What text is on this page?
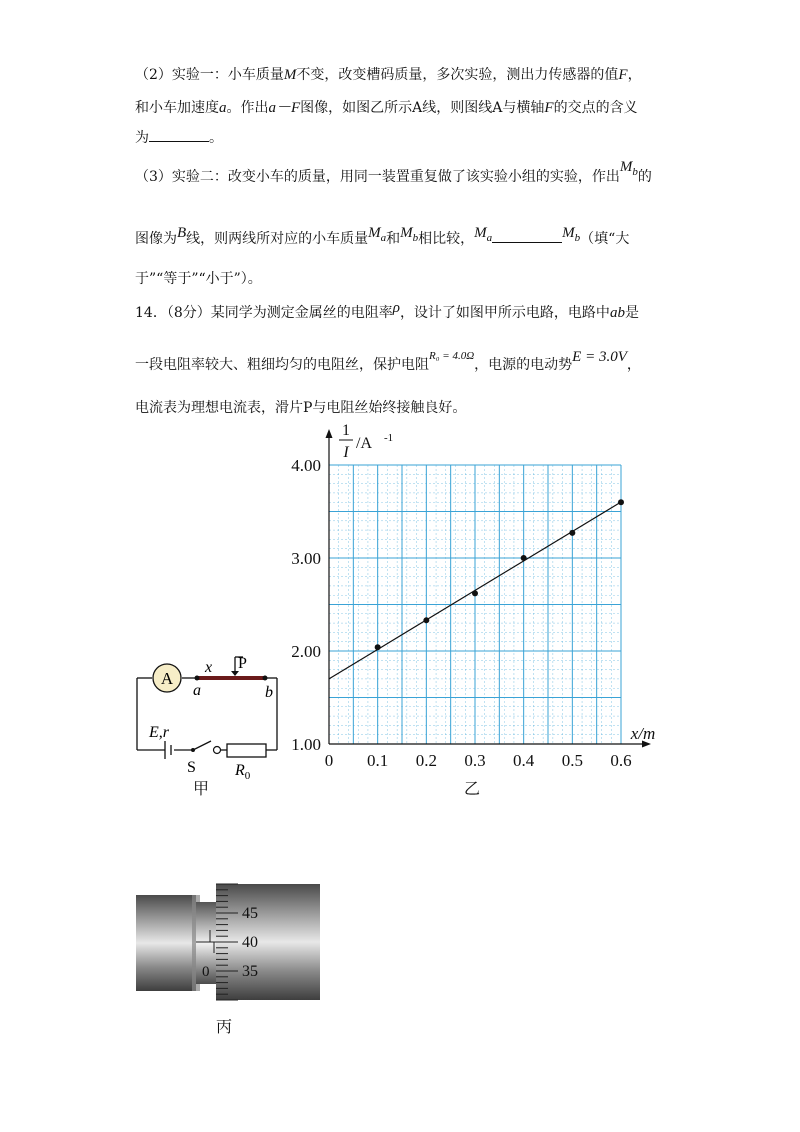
（2）实验一：小车质量M不变，改变槽码质量，多次实验，测出力传感器的值F，
和小车加速度a。作出a－F图像，如图乙所示A线，则图线A与横轴F的交点的含义
为	。
（3）实验二：改变小车的质量，用同一装置重复做了该实验小组的实验，作出$M_b$的
图像为B线，则两线所对应的小车质量$M_a$和$M_b$相比较，$M_a$	$M_b$（填“大
于”“等于”“小于”）。
14．（8分）某同学为测定金属丝的电阻率ρ，设计了如图甲所示电路，电路中ab是
一段电阻率较大、粗细均匀的电阻丝，保护电阻$^{R_0 = 4.0\Omega}$，电源的电动势E = 3.0V，
电流表为理想电流表，滑片P与电阻丝始终接触良好。
A
x P
a	b
E,r
S $R_0$
甲
0 0.1 0.2 0.3 0.4 0.5 0.6
1.00
2.00
3.00
4.00
1
I
/A -1
x/m
乙
0
45
40
35
丙
